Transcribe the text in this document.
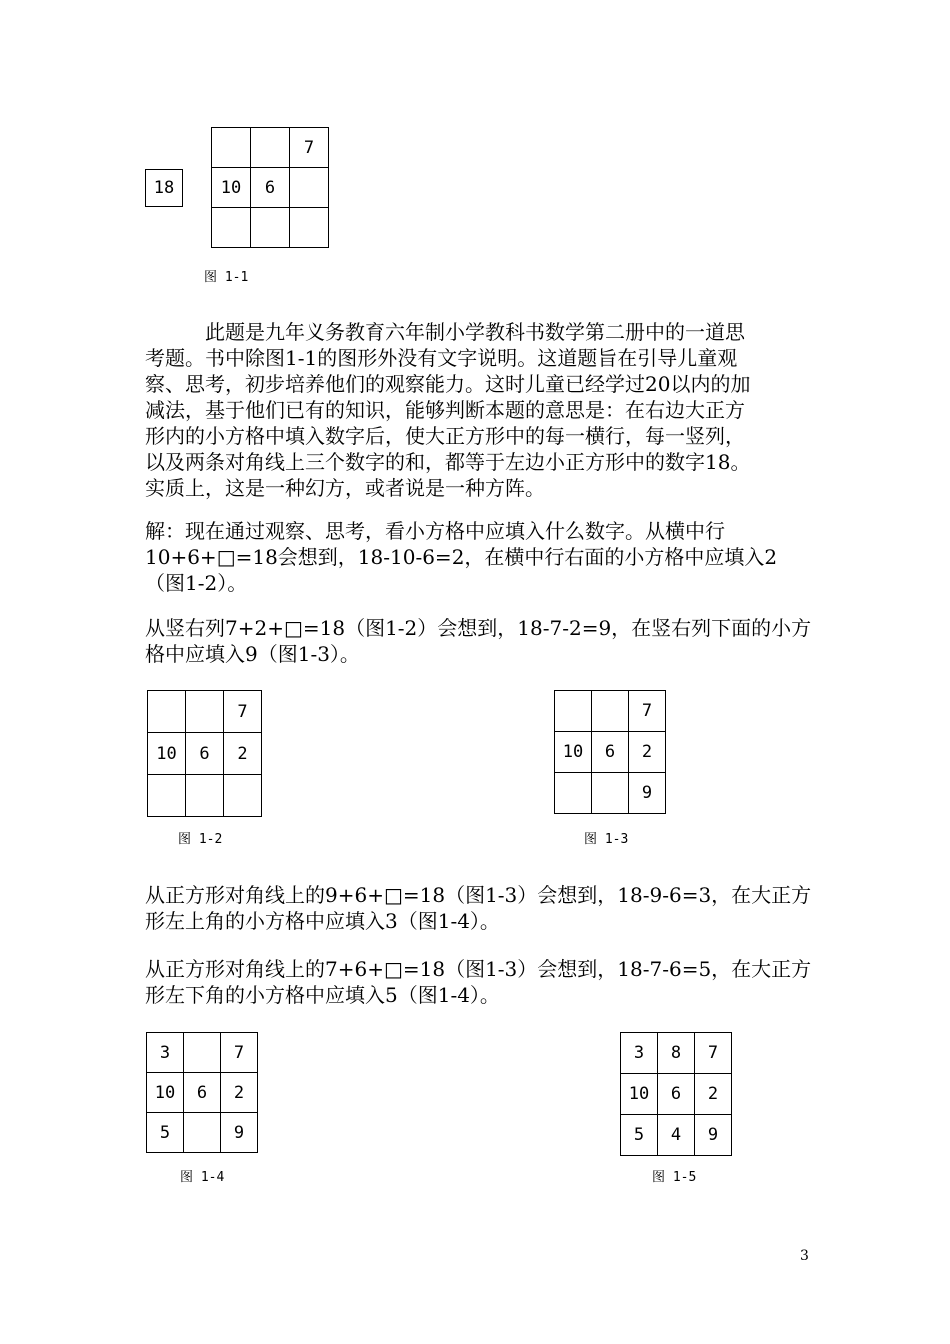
18
		7
10	6	

图 1-1

　　　此题是九年义务教育六年制小学教科书数学第二册中的一道思
考题。书中除图1-1的图形外没有文字说明。这道题旨在引导儿童观
察、思考，初步培养他们的观察能力。这时儿童已经学过20以内的加
减法，基于他们已有的知识，能够判断本题的意思是：在右边大正方
形内的小方格中填入数字后，使大正方形中的每一横行，每一竖列，
以及两条对角线上三个数字的和，都等于左边小正方形中的数字18。
实质上，这是一种幻方，或者说是一种方阵。

解：现在通过观察、思考，看小方格中应填入什么数字。从横中行
10+6+□=18会想到，18-10-6=2，在横中行右面的小方格中应填入2
（图1-2）。

从竖右列7+2+□=18（图1-2）会想到，18-7-2=9，在竖右列下面的小方
格中应填入9（图1-3）。

		7
10	6	2

图 1-2
		7
10	6	2
		9
图 1-3

从正方形对角线上的9+6+□=18（图1-3）会想到，18-9-6=3，在大正方
形左上角的小方格中应填入3（图1-4）。

从正方形对角线上的7+6+□=18（图1-3）会想到，18-7-6=5，在大正方
形左下角的小方格中应填入5（图1-4）。

3		7
10	6	2
5		9
图 1-4
3	8	7
10	6	2
5	4	9
图 1-5
3
